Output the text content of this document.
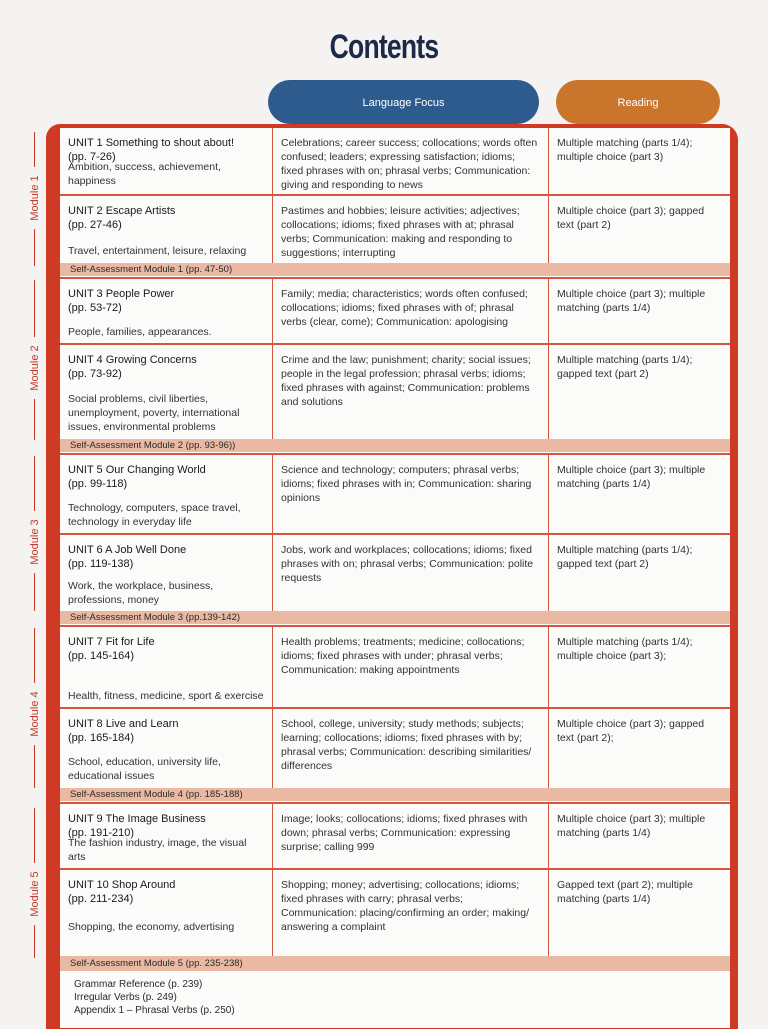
Contents
Language Focus	Reading
Module 1
Module 2
Module 3
Module 4
Module 5
UNIT 1 Something to shout about!
(pp. 7-26)
Ambition, success, achievement, happiness
Celebrations; career success; collocations; words often confused; leaders; expressing satisfaction; idioms; fixed phrases with on; phrasal verbs; Communication: giving and responding to news
Multiple matching (parts 1/4); multiple choice (part 3)
UNIT 2 Escape Artists
(pp. 27-46)
Travel, entertainment, leisure, relaxing
Pastimes and hobbies; leisure activities; adjectives; collocations; idioms; fixed phrases with at; phrasal verbs; Communication: making and responding to suggestions; interrupting
Multiple choice (part 3); gapped text (part 2)
Self-Assessment Module 1 (pp. 47-50)
UNIT 3 People Power
(pp. 53-72)
People, families, appearances.
Family; media; characteristics; words often confused; collocations; idioms; fixed phrases with of; phrasal verbs (clear, come); Communication: apologising
Multiple choice (part 3); multiple matching (parts 1/4)
UNIT 4 Growing Concerns
(pp. 73-92)
Social problems, civil liberties, unemployment, poverty, international issues, environmental problems
Crime and the law; punishment; charity; social issues; people in the legal profession; phrasal verbs; idioms; fixed phrases with against; Communication: problems and solutions
Multiple matching (parts 1/4); gapped text (part 2)
Self-Assessment Module 2 (pp. 93-96))
UNIT 5 Our Changing World
(pp. 99-118)
Technology, computers, space travel, technology in everyday life
Science and technology; computers; phrasal verbs; idioms; fixed phrases with in; Communication: sharing opinions
Multiple choice (part 3); multiple matching (parts 1/4)
UNIT 6 A Job Well Done
(pp. 119-138)
Work, the workplace, business, professions, money
Jobs, work and workplaces; collocations; idioms; fixed phrases with on; phrasal verbs; Communication: polite requests
Multiple matching (parts 1/4); gapped text (part 2)
Self-Assessment Module 3 (pp.139-142)
UNIT 7 Fit for Life
(pp. 145-164)
Health, fitness, medicine, sport & exercise
Health problems; treatments; medicine; collocations; idioms; fixed phrases with under; phrasal verbs; Communication: making appointments
Multiple matching (parts 1/4); multiple choice (part 3);
UNIT 8 Live and Learn
(pp. 165-184)
School, education, university life, educational issues
School, college, university; study methods; subjects; learning; collocations; idioms; fixed phrases with by; phrasal verbs; Communication: describing similarities/ differences
Multiple choice (part 3); gapped text (part 2);
Self-Assessment Module 4 (pp. 185-188)
UNIT 9 The Image Business
(pp. 191-210)
The fashion industry, image, the visual arts
Image; looks; collocations; idioms; fixed phrases with down; phrasal verbs; Communication: expressing surprise; calling 999
Multiple choice (part 3); multiple matching (parts 1/4)
UNIT 10 Shop Around
(pp. 211-234)
Shopping, the economy, advertising
Shopping; money; advertising; collocations; idioms; fixed phrases with carry; phrasal verbs; Communication: placing/confirming an order; making/ answering a complaint
Gapped text (part 2); multiple matching (parts 1/4)
Self-Assessment Module 5 (pp. 235-238)
Grammar Reference (p. 239)
Irregular Verbs (p. 249)
Appendix 1 – Phrasal Verbs (p. 250)
